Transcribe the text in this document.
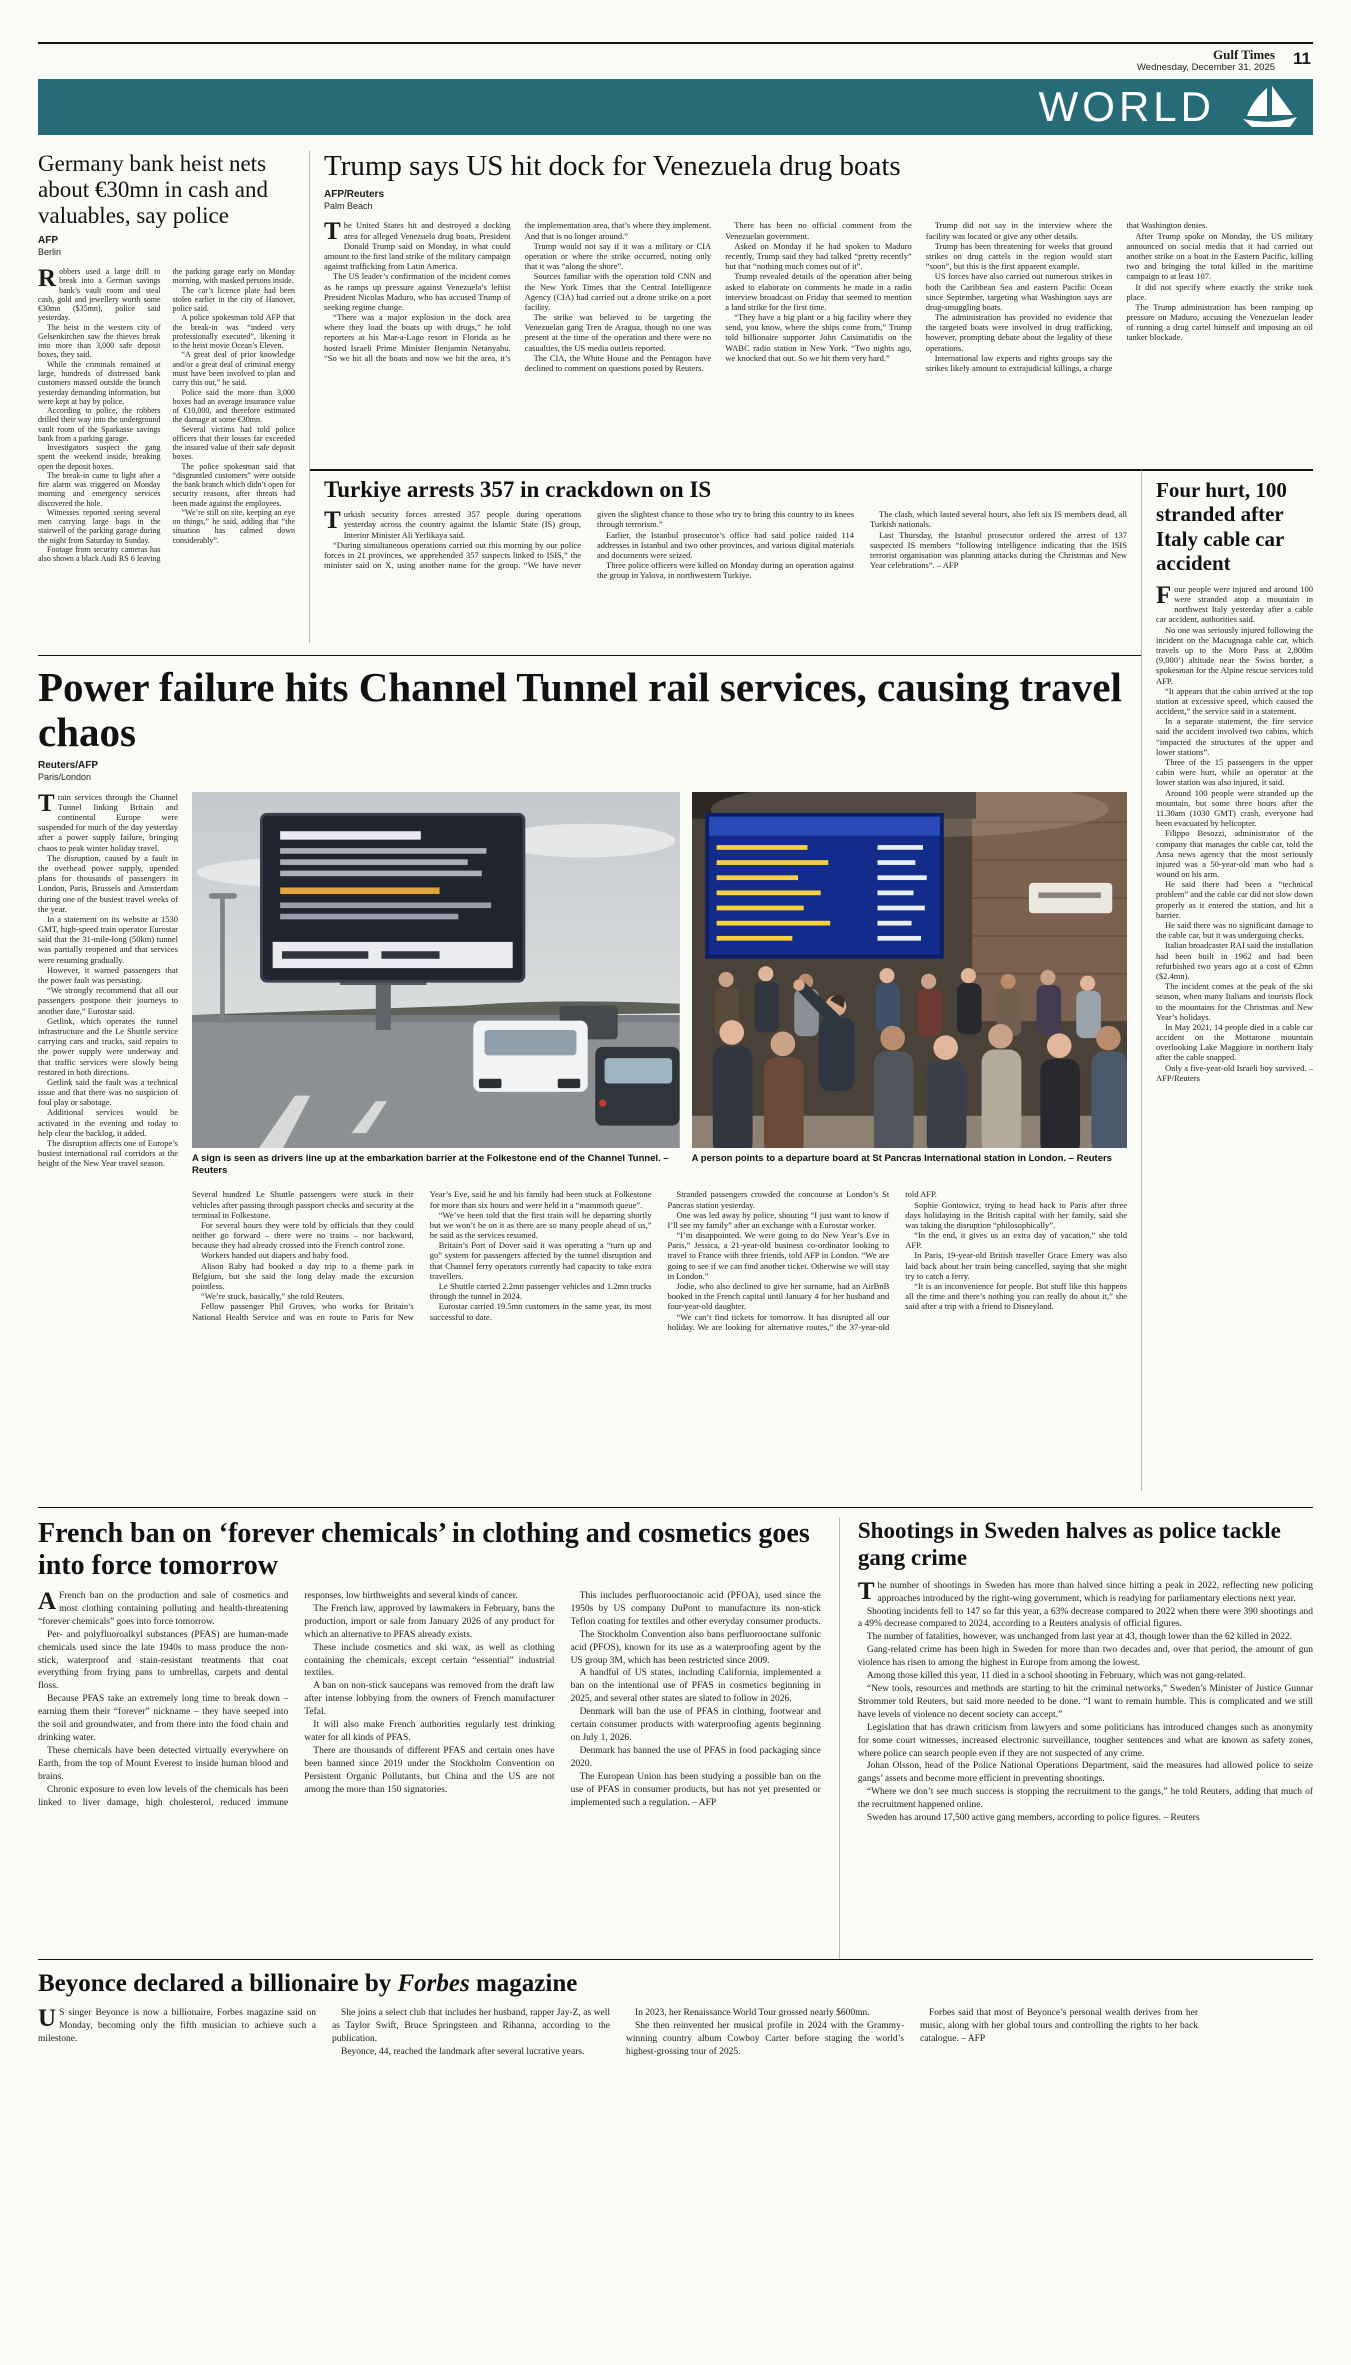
Gulf Times
Wednesday, December 31, 2025 11
WORLD
Germany bank heist nets about €30mn in cash and valuables, say police
AFP
Berlin

Robbers used a large drill to break into a German savings bank’s vault room and steal cash, gold and jewellery worth some €30mn ($35mn), police said yesterday.

The heist in the western city of Gelsenkirchen saw the thieves break into more than 3,000 safe deposit boxes, they said.

While the criminals remained at large, hundreds of distressed bank customers massed outside the branch yesterday demanding information, but were kept at bay by police.

According to police, the robbers drilled their way into the underground vault room of the Sparkasse savings bank from a parking garage.

Investigators suspect the gang spent the weekend inside, breaking open the deposit boxes.

The break-in came to light after a fire alarm was triggered on Monday morning and emergency services discovered the hole.

Witnesses reported seeing several men carrying large bags in the stairwell of the parking garage during the night from Saturday to Sunday.

Footage from security cameras has also shown a black Audi RS 6 leaving the parking garage early on Monday morning, with masked persons inside.

The car’s licence plate had been stolen earlier in the city of Hanover, police said.

A police spokesman told AFP that the break-in was “indeed very professionally executed”, likening it to the heist movie Ocean’s Eleven.

“A great deal of prior knowledge and/or a great deal of criminal energy must have been involved to plan and carry this out,” he said.

Police said the more than 3,000 boxes had an average insurance value of €10,000, and therefore estimated the damage at some €30mn.

Several victims had told police officers that their losses far exceeded the insured value of their safe deposit boxes.

The police spokesman said that “disgruntled customers” were outside the bank branch which didn’t open for security reasons, after threats had been made against the employees.

“We’re still on site, keeping an eye on things,” he said, adding that “the situation has calmed down considerably”.

Trump says US hit dock for Venezuela drug boats
AFP/Reuters
Palm Beach

The United States hit and destroyed a docking area for alleged Venezuela drug boats, President Donald Trump said on Monday, in what could amount to the first land strike of the military campaign against trafficking from Latin America.

The US leader’s confirmation of the incident comes as he ramps up pressure against Venezuela’s leftist President Nicolas Maduro, who has accused Trump of seeking regime change.

“There was a major explosion in the dock area where they load the boats up with drugs,” he told reporters at his Mar-a-Lago resort in Florida as he hosted Israeli Prime Minister Benjamin Netanyahu. “So we hit all the boats and now we hit the area, it’s the implementation area, that’s where they implement. And that is no longer around.”

Trump would not say if it was a military or CIA operation or where the strike occurred, noting only that it was “along the shore”.

Sources familiar with the operation told CNN and the New York Times that the Central Intelligence Agency (CIA) had carried out a drone strike on a port facility.

The strike was believed to be targeting the Venezuelan gang Tren de Aragua, though no one was present at the time of the operation and there were no casualties, the US media outlets reported.

The CIA, the White House and the Pentagon have declined to comment on questions posed by Reuters.

There has been no official comment from the Venezuelan government.

Asked on Monday if he had spoken to Maduro recently, Trump said they had talked “pretty recently” but that “nothing much comes out of it”.

Trump revealed details of the operation after being asked to elaborate on comments he made in a radio interview broadcast on Friday that seemed to mention a land strike for the first time.

“They have a big plant or a big facility where they send, you know, where the ships come from,” Trump told billionaire supporter John Catsimatidis on the WABC radio station in New York. “Two nights ago, we knocked that out. So we hit them very hard.”

Trump did not say in the interview where the facility was located or give any other details.

Trump has been threatening for weeks that ground strikes on drug cartels in the region would start “soon”, but this is the first apparent example.

US forces have also carried out numerous strikes in both the Caribbean Sea and eastern Pacific Ocean since September, targeting what Washington says are drug-smuggling boats.

The administration has provided no evidence that the targeted boats were involved in drug trafficking, however, prompting debate about the legality of these operations.

International law experts and rights groups say the strikes likely amount to extrajudicial killings, a charge that Washington denies.

After Trump spoke on Monday, the US military announced on social media that it had carried out another strike on a boat in the Eastern Pacific, killing two and bringing the total killed in the maritime campaign to at least 107.

It did not specify where exactly the strike took place.

The Trump administration has been ramping up pressure on Maduro, accusing the Venezuelan leader of running a drug cartel himself and imposing an oil tanker blockade.

Turkiye arrests 357 in crackdown on IS

Turkish security forces arrested 357 people during operations yesterday across the country against the Islamic State (IS) group, Interior Minister Ali Yerlikaya said.

“During simultaneous operations carried out this morning by our police forces in 21 provinces, we apprehended 357 suspects linked to ISIS,” the minister said on X, using another name for the group. “We have never given the slightest chance to those who try to bring this country to its knees through terrorism.”

Earlier, the Istanbul prosecutor’s office had said police raided 114 addresses in Istanbul and two other provinces, and various digital materials and documents were seized.

Three police officers were killed on Monday during an operation against the group in Yalova, in northwestern Turkiye.

The clash, which lasted several hours, also left six IS members dead, all Turkish nationals.

Last Thursday, the Istanbul prosecutor ordered the arrest of 137 suspected IS members “following intelligence indicating that the ISIS terrorist organisation was planning attacks during the Christmas and New Year celebrations”. – AFP

Four hurt, 100 stranded after Italy cable car accident

Four people were injured and around 100 were stranded atop a mountain in northwest Italy yesterday after a cable car accident, authorities said.

No one was seriously injured following the incident on the Macugnaga cable car, which travels up to the Moro Pass at 2,800m (9,000’) altitude near the Swiss border, a spokesman for the Alpine rescue services told AFP.

“It appears that the cabin arrived at the top station at excessive speed, which caused the accident,” the service said in a statement.

In a separate statement, the fire service said the accident involved two cabins, which “impacted the structures of the upper and lower stations”.

Three of the 15 passengers in the upper cabin were hurt, while an operator at the lower station was also injured, it said.

Around 100 people were stranded up the mountain, but some three hours after the 11.30am (1030 GMT) crash, everyone had been evacuated by helicopter.

Filippo Besozzi, administrator of the company that manages the cable car, told the Ansa news agency that the most seriously injured was a 50-year-old man who had a wound on his arm.

He said there had been a “technical problem” and the cable car did not slow down properly as it entered the station, and hit a barrier.

He said there was no significant damage to the cable car, but it was undergoing checks.

Italian broadcaster RAI said the installation had been built in 1962 and had been refurbished two years ago at a cost of €2mn ($2.4mn).

The incident comes at the peak of the ski season, when many Italians and tourists flock to the mountains for the Christmas and New Year’s holidays.

In May 2021, 14 people died in a cable car accident on the Mottarone mountain overlooking Lake Maggiore in northern Italy after the cable snapped.

Only a five-year-old Israeli boy survived. – AFP/Reuters

Power failure hits Channel Tunnel rail services, causing travel chaos
Reuters/AFP
Paris/London

Train services through the Channel Tunnel linking Britain and continental Europe were suspended for much of the day yesterday after a power supply failure, bringing chaos to peak winter holiday travel.

The disruption, caused by a fault in the overhead power supply, upended plans for thousands of passengers in London, Paris, Brussels and Amsterdam during one of the busiest travel weeks of the year.

In a statement on its website at 1530 GMT, high-speed train operator Eurostar said that the 31-mile-long (50km) tunnel was partially reopened and that services were resuming gradually.

However, it warned passengers that the power fault was persisting.

“We strongly recommend that all our passengers postpone their journeys to another date,” Eurostar said.

Getlink, which operates the tunnel infrastructure and the Le Shuttle service carrying cars and trucks, said repairs to the power supply were underway and that traffic services were slowly being restored in both directions.

Getlink said the fault was a technical issue and that there was no suspicion of foul play or sabotage.

Additional services would be activated in the evening and today to help clear the backlog, it added.

The disruption affects one of Europe’s busiest international rail corridors at the height of the New Year travel season.	A sign is seen as drivers line up at the embarkation barrier at the Folkestone end of the Channel Tunnel. – Reuters
A person points to a departure board at St Pancras International station in London. – Reuters

Several hundred Le Shuttle passengers were stuck in their vehicles after passing through passport checks and security at the terminal in Folkestone.

For several hours they were told by officials that they could neither go forward – there were no trains – nor backward, because they had already crossed into the French control zone.

Workers handed out diapers and baby food.

Alison Raby had booked a day trip to a theme park in Belgium, but she said the long delay made the excursion pointless.

“We’re stuck, basically,” she told Reuters.

Fellow passenger Phil Groves, who works for Britain’s National Health Service and was en route to Paris for New Year’s Eve, said he and his family had been stuck at Folkestone for more than six hours and were held in a “mammoth queue”.

“We’ve been told that the first train will be departing shortly but we won’t be on it as there are so many people ahead of us,” he said as the services resumed.

Britain’s Port of Dover said it was operating a “turn up and go” system for passengers affected by the tunnel disruption and that Channel ferry operators currently had capacity to take extra travellers.

Le Shuttle carried 2.2mn passenger vehicles and 1.2mn trucks through the tunnel in 2024.

Eurostar carried 19.5mn customers in the same year, its most successful to date.

Stranded passengers crowded the concourse at London’s St Pancras station yesterday.

One was led away by police, shouting “I just want to know if I’ll see my family” after an exchange with a Eurostar worker.

“I’m disappointed. We were going to do New Year’s Eve in Paris,” Jessica, a 21-year-old business co-ordinator looking to travel to France with three friends, told AFP in London. “We are going to see if we can find another ticket. Otherwise we will stay in London.”

Jodie, who also declined to give her surname, had an AirBnB booked in the French capital until January 4 for her husband and four-year-old daughter.

“We can’t find tickets for tomorrow. It has disrupted all our holiday. We are looking for alternative routes,” the 37-year-old told AFP.

Sophie Gontowicz, trying to head back to Paris after three days holidaying in the British capital with her family, said she was taking the disruption “philosophically”.

“In the end, it gives us an extra day of vacation,” she told AFP.

In Paris, 19-year-old British traveller Grace Emery was also laid back about her train being cancelled, saying that she might try to catch a ferry.

“It is an inconvenience for people. But stuff like this happens all the time and there’s nothing you can really do about it,” she said after a trip with a friend to Disneyland.

French ban on ‘forever chemicals’ in clothing and cosmetics goes into force tomorrow

AFrench ban on the production and sale of cosmetics and most clothing containing polluting and health-threatening “forever chemicals” goes into force tomorrow.

Per- and polyfluoroalkyl substances (PFAS) are human-made chemicals used since the late 1940s to mass produce the non-stick, waterproof and stain-resistant treatments that coat everything from frying pans to umbrellas, carpets and dental floss.

Because PFAS take an extremely long time to break down – earning them their “forever” nickname – they have seeped into the soil and groundwater, and from there into the food chain and drinking water.

These chemicals have been detected virtually everywhere on Earth, from the top of Mount Everest to inside human blood and brains.

Chronic exposure to even low levels of the chemicals has been linked to liver damage, high cholesterol, reduced immune responses, low birthweights and several kinds of cancer.

The French law, approved by lawmakers in February, bans the production, import or sale from January 2026 of any product for which an alternative to PFAS already exists.

These include cosmetics and ski wax, as well as clothing containing the chemicals, except certain “essential” industrial textiles.

A ban on non-stick saucepans was removed from the draft law after intense lobbying from the owners of French manufacturer Tefal.

It will also make French authorities regularly test drinking water for all kinds of PFAS.

There are thousands of different PFAS and certain ones have been banned since 2019 under the Stockholm Convention on Persistent Organic Pollutants, but China and the US are not among the more than 150 signatories.

This includes perfluorooctanoic acid (PFOA), used since the 1950s by US company DuPont to manufacture its non-stick Teflon coating for textiles and other everyday consumer products.

The Stockholm Convention also bans perfluorooctane sulfonic acid (PFOS), known for its use as a waterproofing agent by the US group 3M, which has been restricted since 2009.

A handful of US states, including California, implemented a ban on the intentional use of PFAS in cosmetics beginning in 2025, and several other states are slated to follow in 2026.

Denmark will ban the use of PFAS in clothing, footwear and certain consumer products with waterproofing agents beginning on July 1, 2026.

Denmark has banned the use of PFAS in food packaging since 2020.

The European Union has been studying a possible ban on the use of PFAS in consumer products, but has not yet presented or implemented such a regulation. – AFP

Shootings in Sweden halves as police tackle gang crime

The number of shootings in Sweden has more than halved since hitting a peak in 2022, reflecting new policing approaches introduced by the right-wing government, which is readying for parliamentary elections next year.

Shooting incidents fell to 147 so far this year, a 63% decrease compared to 2022 when there were 390 shootings and a 49% decrease compared to 2024, according to a Reuters analysis of official figures.

The number of fatalities, however, was unchanged from last year at 43, though lower than the 62 killed in 2022.

Gang-related crime has been high in Sweden for more than two decades and, over that period, the amount of gun violence has risen to among the highest in Europe from among the lowest.

Among those killed this year, 11 died in a school shooting in February, which was not gang-related.

“New tools, resources and methods are starting to hit the criminal networks,” Sweden’s Minister of Justice Gunnar Strommer told Reuters, but said more needed to be done. “I want to remain humble. This is complicated and we still have levels of violence no decent society can accept.”

Legislation that has drawn criticism from lawyers and some politicians has introduced changes such as anonymity for some court witnesses, increased electronic surveillance, tougher sentences and what are known as safety zones, where police can search people even if they are not suspected of any crime.

Johan Olsson, head of the Police National Operations Department, said the measures had allowed police to seize gangs’ assets and become more efficient in preventing shootings.

“Where we don’t see much success is stopping the recruitment to the gangs,” he told Reuters, adding that much of the recruitment happened online.

Sweden has around 17,500 active gang members, according to police figures. – Reuters

Beyonce declared a billionaire by Forbes magazine

US singer Beyonce is now a billionaire, Forbes magazine said on Monday, becoming only the fifth musician to achieve such a milestone.

She joins a select club that includes her husband, rapper Jay-Z, as well as Taylor Swift, Bruce Springsteen and Rihanna, according to the publication.

Beyonce, 44, reached the landmark after several lucrative years.

In 2023, her Renaissance World Tour grossed nearly $600mn.

She then reinvented her musical profile in 2024 with the Grammy-winning country album Cowboy Carter before staging the world’s highest-grossing tour of 2025.

Forbes said that most of Beyonce’s personal wealth derives from her music, along with her global tours and controlling the rights to her back catalogue. – AFP
